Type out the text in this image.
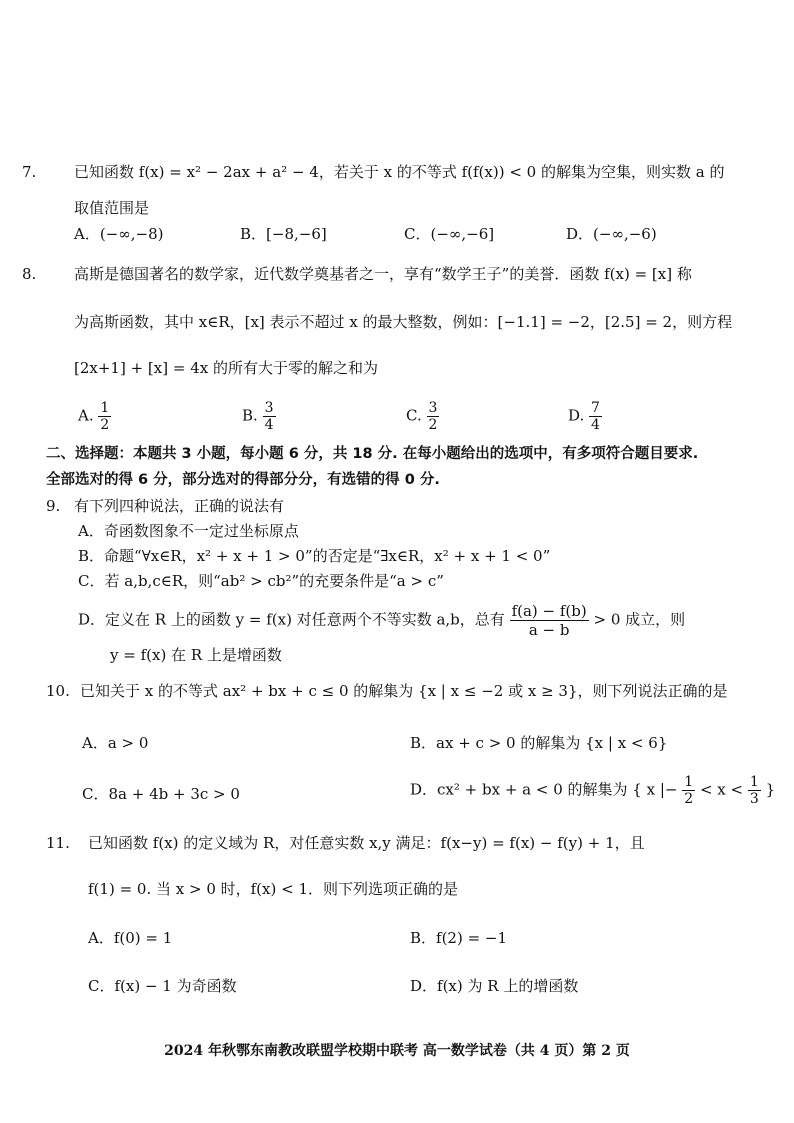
7.	已知函数 f(x) = x² − 2ax + a² − 4，若关于 x 的不等式 f(f(x)) < 0 的解集为空集，则实数 a 的
取值范围是
A．(−∞,−8)	B．[−8,−6]	C．(−∞,−6]	D．(−∞,−6)
8.	高斯是德国著名的数学家，近代数学奠基者之一，享有“数学王子”的美誉．函数 f(x) = [x] 称
为高斯函数，其中 x∈R，[x] 表示不超过 x 的最大整数，例如：[−1.1] = −2，[2.5] = 2，则方程
[2x+1] + [x] = 4x 的所有大于零的解之和为
A. $\frac{1}{2}$	B. $\frac{3}{4}$	C. $\frac{3}{2}$	D. $\frac{7}{4}$
二、选择题：本题共 3 小题，每小题 6 分，共 18 分. 在每小题给出的选项中，有多项符合题目要求.
全部选对的得 6 分，部分选对的得部分分，有选错的得 0 分.
9. 有下列四种说法，正确的说法有
A．奇函数图象不一定过坐标原点
B．命题“∀x∈R，x² + x + 1 > 0”的否定是“∃x∈R，x² + x + 1 < 0”
C．若 a,b,c∈R，则“ab² > cb²”的充要条件是“a > c”
D．定义在 R 上的函数 y = f(x) 对任意两个不等实数 a,b，总有 $\frac{f(a) - f(b)}{a - b} > 0$ 成立，则
y = f(x) 在 R 上是增函数
10. 已知关于 x 的不等式 ax² + bx + c ≤ 0 的解集为 {x | x ≤ −2 或 x ≥ 3}，则下列说法正确的是
A．a > 0	B．ax + c > 0 的解集为 {x | x < 6}
C．8a + 4b + 3c > 0	D．cx² + bx + a < 0 的解集为 { x |− $\frac{1}{2} < x < \frac{1}{3}$ }
11. 已知函数 f(x) 的定义域为 R，对任意实数 x,y 满足：f(x−y) = f(x) − f(y) + 1，且
f(1) = 0. 当 x > 0 时，f(x) < 1．则下列选项正确的是
A．f(0) = 1	B．f(2) = −1
C．f(x) − 1 为奇函数	D．f(x) 为 R 上的增函数
2024 年秋鄂东南教改联盟学校期中联考 高一数学试卷（共 4 页）第 2 页
